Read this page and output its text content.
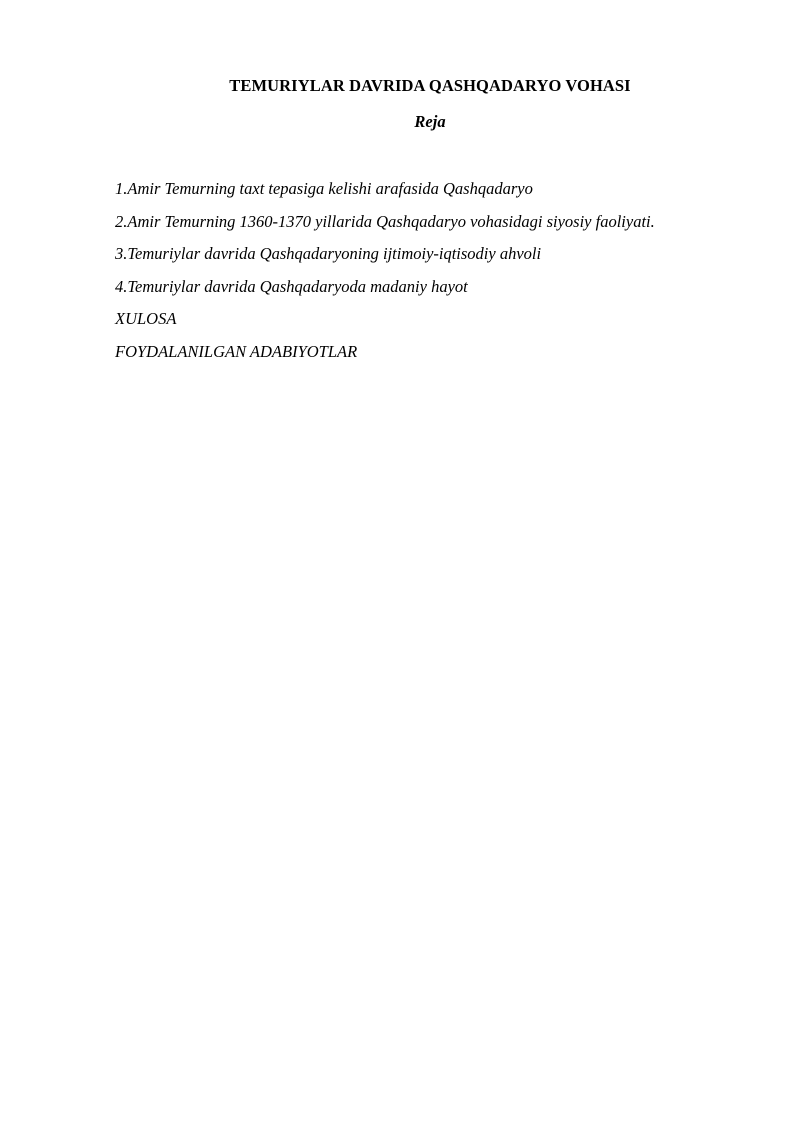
TEMURIYLAR DAVRIDA QASHQADARYO VOHASI
Reja
1.Amir Temurning taxt tepasiga kelishi arafasida Qashqadaryo
2.Amir Temurning 1360-1370 yillarida Qashqadaryo vohasidagi siyosiy faoliyati.
3.Temuriylar davrida Qashqadaryoning ijtimoiy-iqtisodiy ahvoli
4.Temuriylar davrida Qashqadaryoda madaniy hayot
XULOSA
FOYDALANILGAN ADABIYOTLAR
